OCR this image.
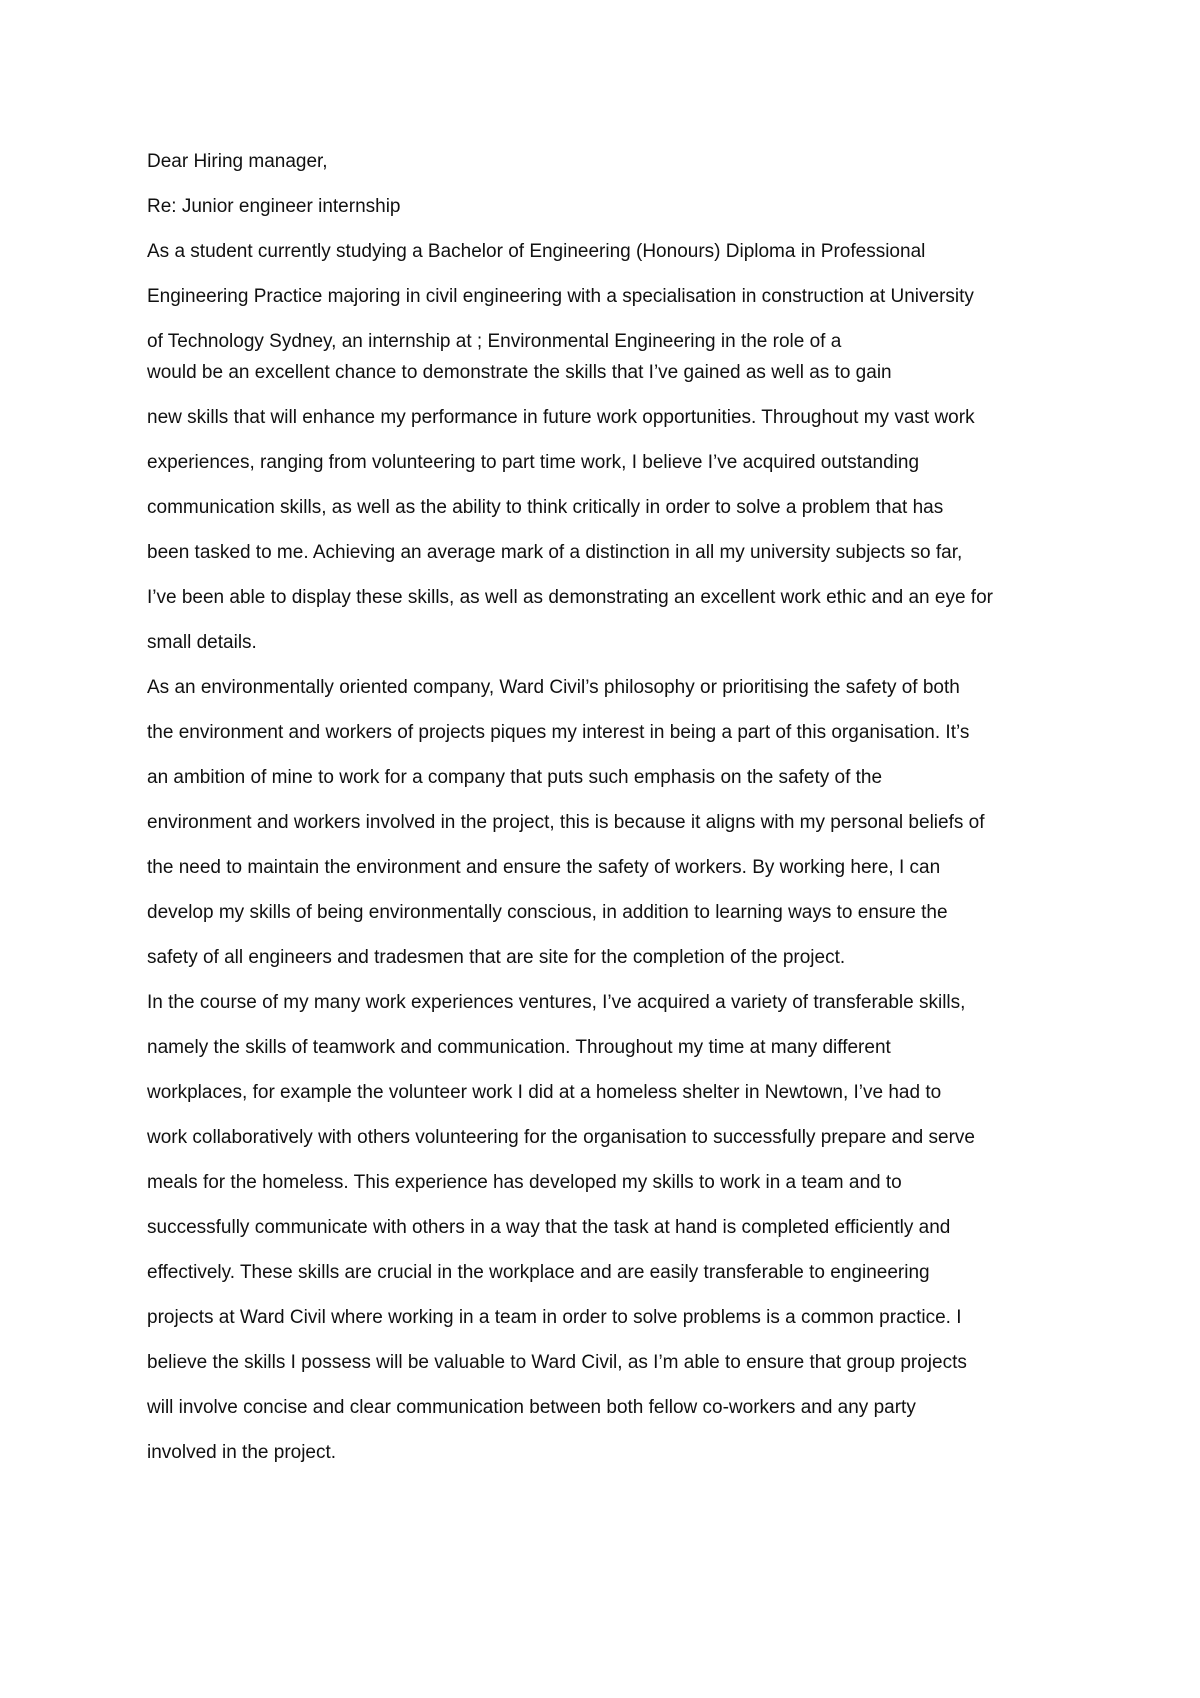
Dear Hiring manager,
Re: Junior engineer internship
As a student currently studying a Bachelor of Engineering (Honours) Diploma in Professional
Engineering Practice majoring in civil engineering with a specialisation in construction at University
of Technology Sydney, an internship at ; Environmental Engineering in the role of a
would be an excellent chance to demonstrate the skills that I’ve gained as well as to gain
new skills that will enhance my performance in future work opportunities. Throughout my vast work
experiences, ranging from volunteering to part time work, I believe I’ve acquired outstanding
communication skills, as well as the ability to think critically in order to solve a problem that has
been tasked to me. Achieving an average mark of a distinction in all my university subjects so far,
I’ve been able to display these skills, as well as demonstrating an excellent work ethic and an eye for
small details.
As an environmentally oriented company, Ward Civil’s philosophy or prioritising the safety of both
the environment and workers of projects piques my interest in being a part of this organisation. It’s
an ambition of mine to work for a company that puts such emphasis on the safety of the
environment and workers involved in the project, this is because it aligns with my personal beliefs of
the need to maintain the environment and ensure the safety of workers. By working here, I can
develop my skills of being environmentally conscious, in addition to learning ways to ensure the
safety of all engineers and tradesmen that are site for the completion of the project.
In the course of my many work experiences ventures, I’ve acquired a variety of transferable skills,
namely the skills of teamwork and communication. Throughout my time at many different
workplaces, for example the volunteer work I did at a homeless shelter in Newtown, I’ve had to
work collaboratively with others volunteering for the organisation to successfully prepare and serve
meals for the homeless. This experience has developed my skills to work in a team and to
successfully communicate with others in a way that the task at hand is completed efficiently and
effectively. These skills are crucial in the workplace and are easily transferable to engineering
projects at Ward Civil where working in a team in order to solve problems is a common practice. I
believe the skills I possess will be valuable to Ward Civil, as I’m able to ensure that group projects
will involve concise and clear communication between both fellow co-workers and any party
involved in the project.
